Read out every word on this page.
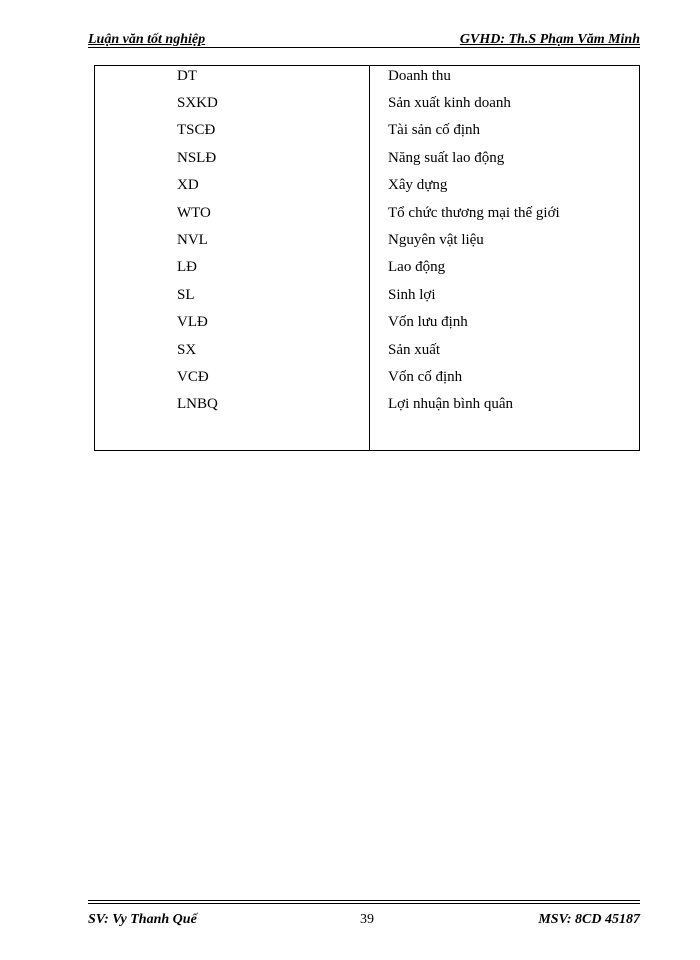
Luận văn tốt nghiệp	GVHD: Th.S Phạm Văm Minh
DT	Doanh thu
SXKD	Sản xuất kinh doanh
TSCĐ	Tài sản cố định
NSLĐ	Năng suất lao động
XD	Xây dựng
WTO	Tổ chức thương mại thế giới
NVL	Nguyên vật liệu
LĐ	Lao động
SL	Sinh lợi
VLĐ	Vốn lưu định
SX	Sản xuất
VCĐ	Vốn cố định
LNBQ	Lợi nhuận bình quân
SV: Vy Thanh Quế	39	MSV: 8CD 45187
